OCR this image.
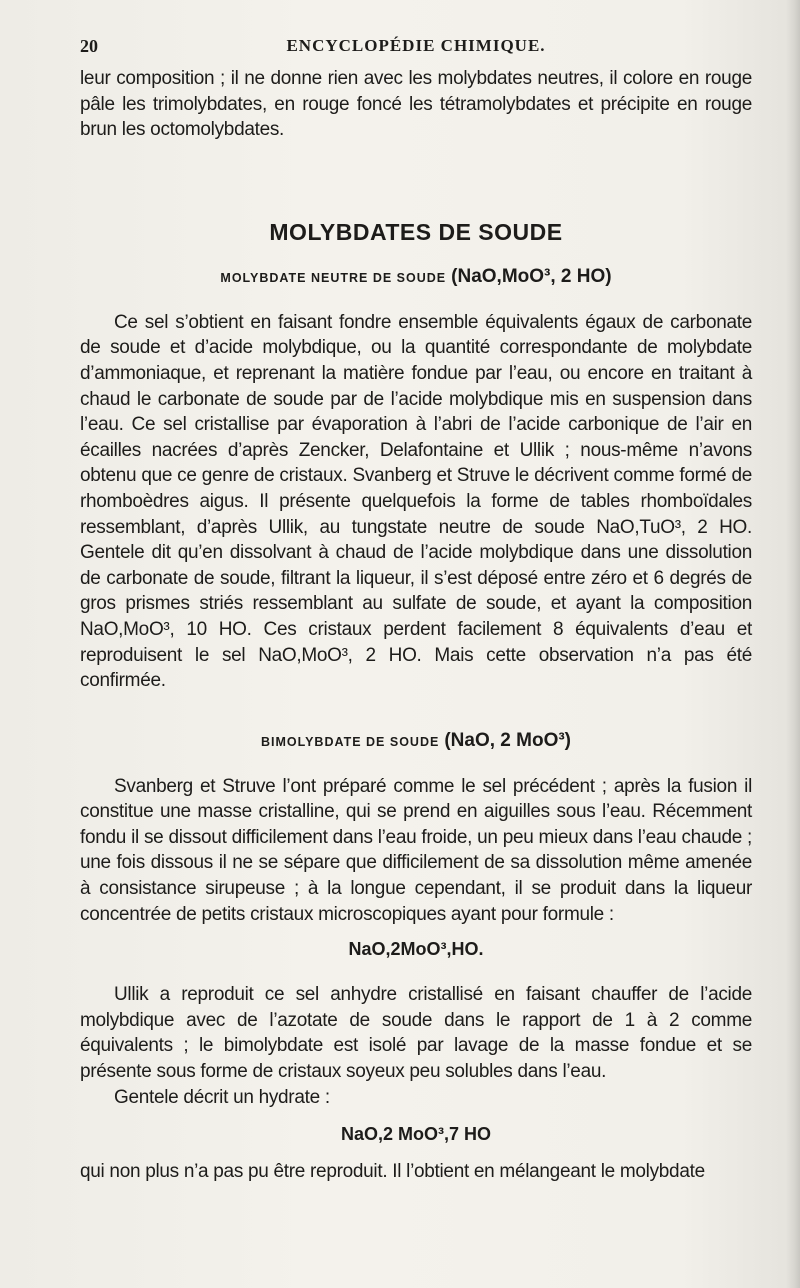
20	ENCYCLOPÉDIE CHIMIQUE.

leur composition ; il ne donne rien avec les molybdates neutres, il colore en rouge pâle les trimolybdates, en rouge foncé les tétramolybdates et précipite en rouge brun les octomolybdates.

MOLYBDATES DE SOUDE
MOLYBDATE NEUTRE DE SOUDE (NaO,MoO³, 2 HO)

Ce sel s’obtient en faisant fondre ensemble équivalents égaux de carbonate de soude et d’acide molybdique, ou la quantité correspondante de molybdate d’ammoniaque, et reprenant la matière fondue par l’eau, ou encore en traitant à chaud le carbonate de soude par de l’acide molybdique mis en suspension dans l’eau. Ce sel cristallise par évaporation à l’abri de l’acide carbonique de l’air en écailles nacrées d’après Zencker, Delafontaine et Ullik ; nous-même n’avons obtenu que ce genre de cristaux. Svanberg et Struve le décrivent comme formé de rhomboèdres aigus. Il présente quelquefois la forme de tables rhomboïdales ressemblant, d’après Ullik, au tungstate neutre de soude NaO,TuO³, 2 HO. Gentele dit qu’en dissolvant à chaud de l’acide molybdique dans une dissolution de carbonate de soude, filtrant la liqueur, il s’est déposé entre zéro et 6 degrés de gros prismes striés ressemblant au sulfate de soude, et ayant la composition NaO,MoO³, 10 HO. Ces cristaux perdent facilement 8 équivalents d’eau et reproduisent le sel NaO,MoO³, 2 HO. Mais cette observation n’a pas été confirmée.

BIMOLYBDATE DE SOUDE (NaO, 2 MoO³)

Svanberg et Struve l’ont préparé comme le sel précédent ; après la fusion il constitue une masse cristalline, qui se prend en aiguilles sous l’eau. Récemment fondu il se dissout difficilement dans l’eau froide, un peu mieux dans l’eau chaude ; une fois dissous il ne se sépare que difficilement de sa dissolution même amenée à consistance sirupeuse ; à la longue cependant, il se produit dans la liqueur concentrée de petits cristaux microscopiques ayant pour formule :

NaO,2MoO³,HO.

Ullik a reproduit ce sel anhydre cristallisé en faisant chauffer de l’acide molybdique avec de l’azotate de soude dans le rapport de 1 à 2 comme équivalents ; le bimolybdate est isolé par lavage de la masse fondue et se présente sous forme de cristaux soyeux peu solubles dans l’eau.

Gentele décrit un hydrate :

NaO,2 MoO³,7 HO

qui non plus n’a pas pu être reproduit. Il l’obtient en mélangeant le molybdate
